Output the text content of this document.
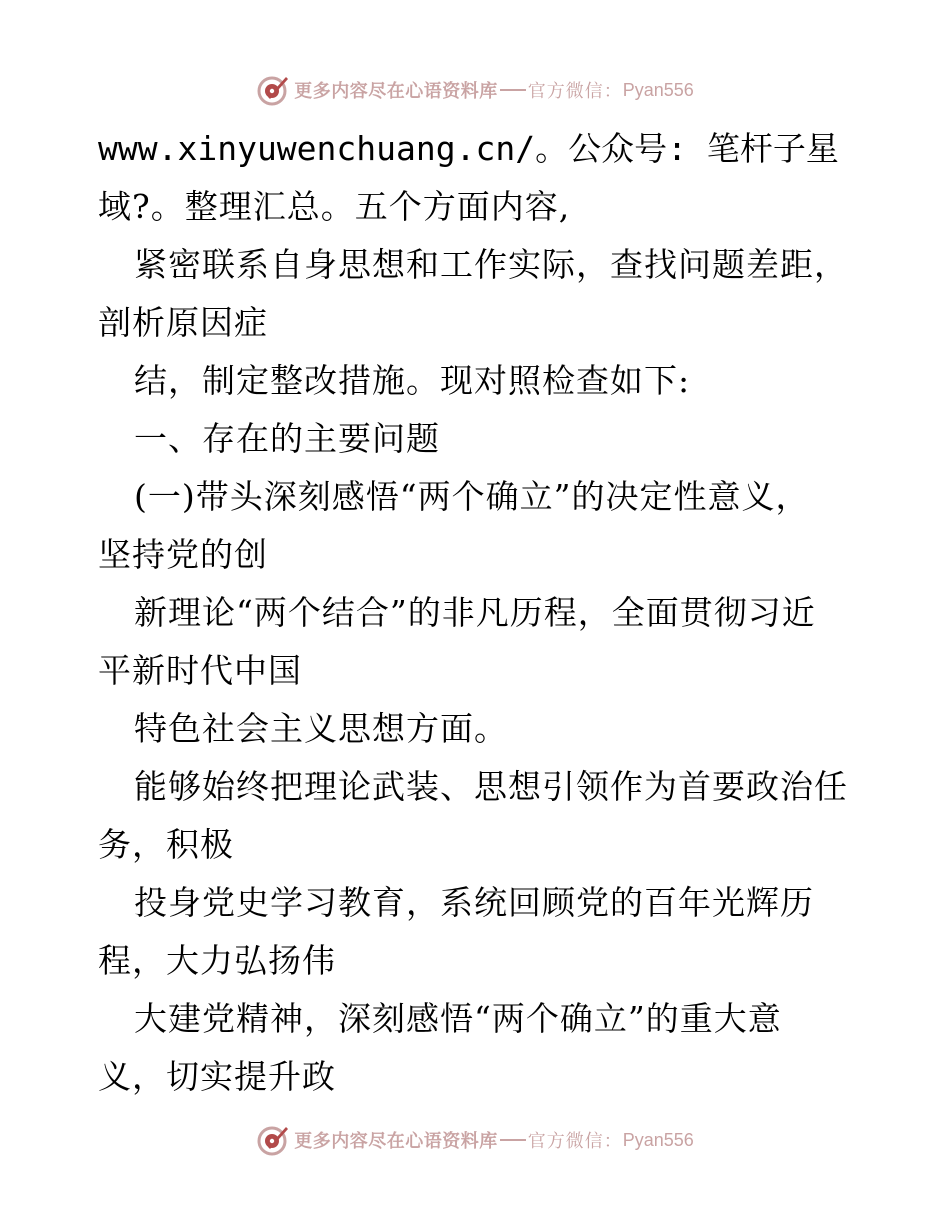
更多内容尽在心语资料库 官方微信： Pyan556
www.xinyuwenchuang.cn/。公众号: 笔杆子星
域?。整理汇总。五个方面内容,
紧密联系自身思想和工作实际，查找问题差距，
剖析原因症
结，制定整改措施。现对照检查如下:
一、存在的主要问题
(一)带头深刻感悟“两个确立”的决定性意义，
坚持党的创
新理论“两个结合”的非凡历程，全面贯彻习近
平新时代中国
特色社会主义思想方面。
能够始终把理论武装、思想引领作为首要政治任
务，积极
投身党史学习教育，系统回顾党的百年光辉历
程，大力弘扬伟
大建党精神，深刻感悟“两个确立”的重大意
义，切实提升政
更多内容尽在心语资料库 官方微信： Pyan556
